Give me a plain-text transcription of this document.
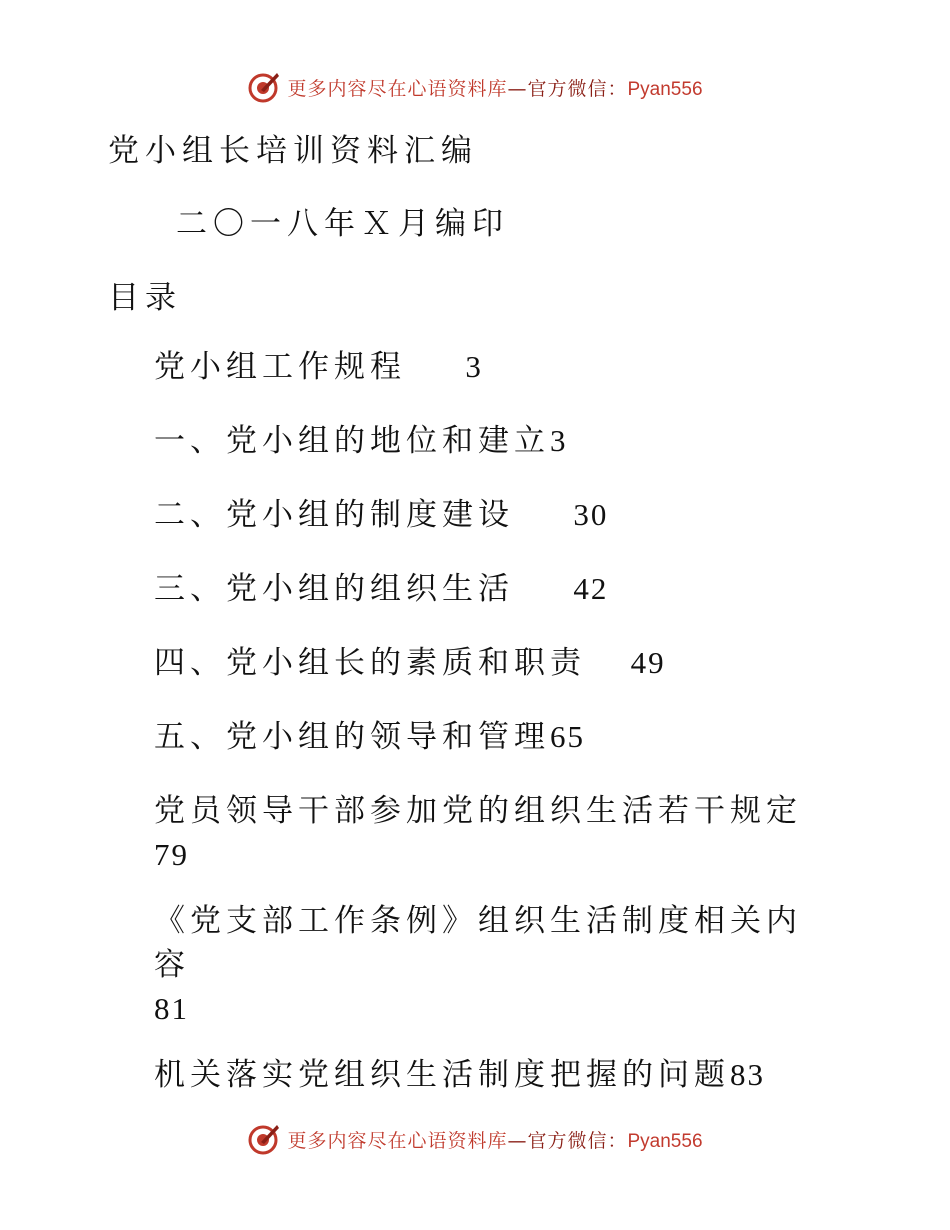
更多内容尽在心语资料库—官方微信：Pyan556
党小组长培训资料汇编
二〇一八年Ｘ月编印
目录
党小组工作规程 3
一、党小组的地位和建立3
二、党小组的制度建设 30
三、党小组的组织生活 42
四、党小组长的素质和职责 49
五、党小组的领导和管理65
党员领导干部参加党的组织生活若干规定
79
《党支部工作条例》组织生活制度相关内容
81
机关落实党组织生活制度把握的问题83
更多内容尽在心语资料库—官方微信：Pyan556
